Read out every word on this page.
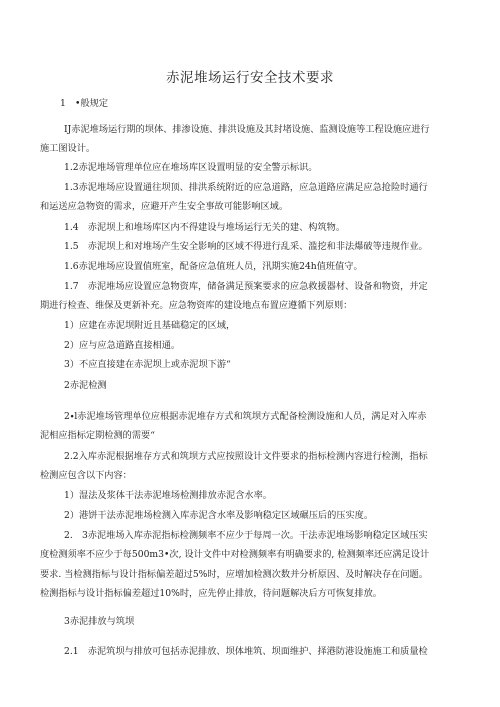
赤泥堆场运行安全技术要求
1　•般规定
IJ赤泥堆场运行期的坝体、排渗设施、排洪设施及其封堵设施、监测设施等工程设施应进行
施工图设计。
1.2赤泥堆场管理单位应在堆场库区设置明显的安全警示标识。
1.3赤泥堆场应设置通往坝顶、排洪系统附近的应急道路，应急道路应满足应急抢险时通行
和运送应急物资的需求，应避开产生安全事故可能影响区域。
1.4　赤泥坝上和堆场库区内不得建设与堆场运行无关的建、构筑物。
1.5　赤泥坝上和对堆场产生安全影响的区域不得进行乱采、滥挖和非法爆破等违规作业。
1.6赤泥堆场应设置值班室，配备应急值班人员，汛期实施24h值班值守。
1.7　赤泥堆场应设置应急物资库，储备满足预案要求的应急救援器材、设备和物资，并定
期进行检查、维保及更新补充。应急物资库的建设地点布置应遵循下列原则：
1）应建在赤泥坝附近且基础稳定的区域，
2）应与应急道路直接相通。
3）不应直接建在赤泥坝上或赤泥坝下游“
2赤泥检测
2∙l赤泥堆场管理单位应根据赤泥堆存方式和筑坝方式配备检测设施和人员，满足对入库赤
泥相应指标定期检测的需要“
2.2入库赤泥根据堆存方式和筑坝方式应按照设计文件要求的指标检测内容进行检测，指标
检测应包含以下内容：
1）湿法及浆体干法赤泥堆场检测排放赤泥含水率。
2）港饼干法赤泥堆场检测入库赤泥含水率及影响稳定区域碾压后的压实度。
2.　3赤泥堆场入库赤泥指标检测频率不应少于每周一次。干法赤泥堆场影响稳定区域压实
度检测须率不应少于每500m3•次, 设计文件中对检测频率有明确要求的, 检测频率还应满足设计
要求. 当检测指标与设计指标偏差超过5%时，应增加检测次数并分析原因、及时解决存在问题。
检测指标与设计指标偏差超过10%时，应先停止排放，待问题解决后方可恢复排放。
3赤泥排放与筑坝
2.1　赤泥筑坝与排放可包括赤泥排放、坝体堆筑、坝面维护、择港防港设施施工和质量检
